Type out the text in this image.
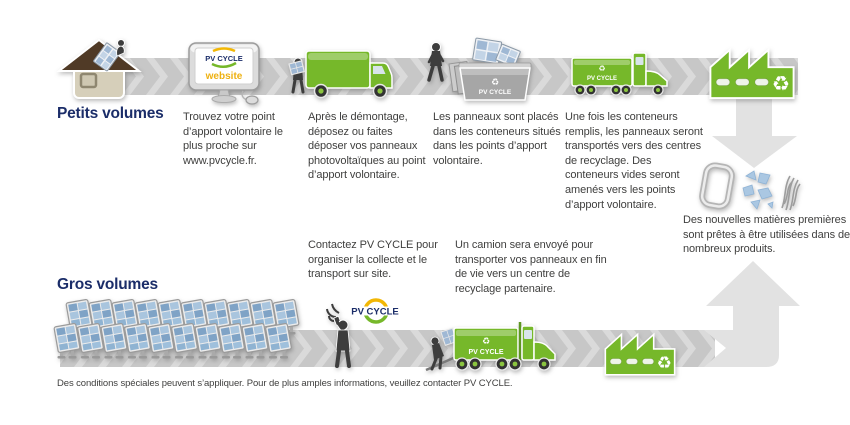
PV CYCLE
website
♻
PV CYCLE
♻
PV CYCLE	♻
PV CYCLE
♻
PV CYCLE	♻
Petits volumes
Gros volumes
Trouvez votre point d’apport volontaire le plus proche sur www.pvcycle.fr.
Après le démontage, déposez ou faites déposer vos panneaux photovoltaïques au point d’apport volontaire.
Les panneaux sont placés dans les conteneurs situés dans les points d’apport volontaire.
Une fois les conteneurs remplis, les panneaux seront transportés vers des centres de recyclage. Des conteneurs vides seront amenés vers les points d’apport volontaire.
Contactez PV CYCLE pour organiser la collecte et le transport sur site.
Un camion sera envoyé pour transporter vos panneaux en fin de vie vers un centre de recyclage partenaire.
Des nouvelles matières premières sont prêtes à être utilisées dans de nombreux produits.
Des conditions spéciales peuvent s’appliquer. Pour de plus amples informations, veuillez contacter PV CYCLE.
